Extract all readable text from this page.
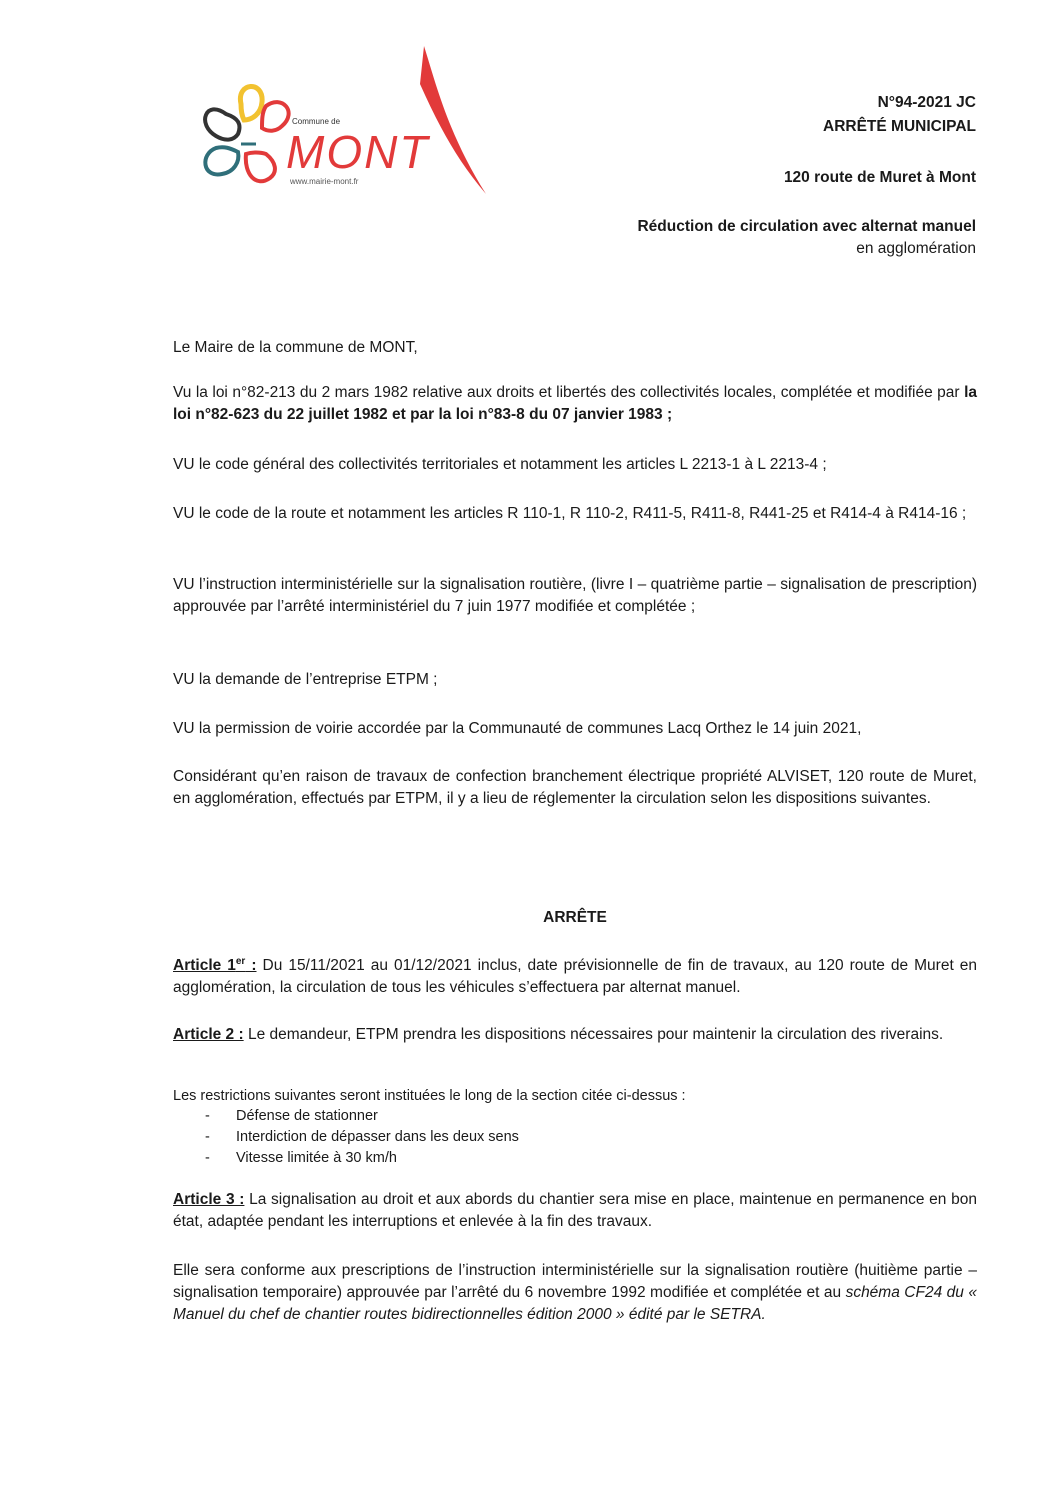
Commune de
MONT
www.mairie-mont.fr
N°94-2021 JC
ARRÊTÉ MUNICIPAL
120 route de Muret à Mont
Réduction de circulation avec alternat manuel
en agglomération

Le Maire de la commune de MONT,

Vu la loi n°82-213 du 2 mars 1982 relative aux droits et libertés des collectivités locales, complétée et modifiée par la loi n°82-623 du 22 juillet 1982 et par la loi n°83-8 du 07 janvier 1983 ;

VU le code général des collectivités territoriales et notamment les articles L 2213-1 à L 2213-4 ;

VU le code de la route et notamment les articles R 110-1, R 110-2, R411-5, R411-8, R441-25 et R414-4 à R414-16 ;

VU l’instruction interministérielle sur la signalisation routière, (livre I – quatrième partie – signalisation de prescription) approuvée par l’arrêté interministériel du 7 juin 1977 modifiée et complétée ;

VU la demande de l’entreprise ETPM ;

VU la permission de voirie accordée par la Communauté de communes Lacq Orthez le 14 juin 2021,

Considérant qu’en raison de travaux de confection branchement électrique propriété ALVISET, 120 route de Muret, en agglomération, effectués par ETPM, il y a lieu de réglementer la circulation selon les dispositions suivantes.

ARRÊTE

Article 1er : Du 15/11/2021 au 01/12/2021 inclus, date prévisionnelle de fin de travaux, au 120 route de Muret en agglomération, la circulation de tous les véhicules s’effectuera par alternat manuel.

Article 2 : Le demandeur, ETPM prendra les dispositions nécessaires pour maintenir la circulation des riverains.

Les restrictions suivantes seront instituées le long de la section citée ci-dessus :

- Défense de stationner
- Interdiction de dépasser dans les deux sens
- Vitesse limitée à 30 km/h

Article 3 : La signalisation au droit et aux abords du chantier sera mise en place, maintenue en permanence en bon état, adaptée pendant les interruptions et enlevée à la fin des travaux.

Elle sera conforme aux prescriptions de l’instruction interministérielle sur la signalisation routière (huitième partie – signalisation temporaire) approuvée par l’arrêté du 6 novembre 1992 modifiée et complétée et au schéma CF24 du « Manuel du chef de chantier routes bidirectionnelles édition 2000 » édité par le SETRA.
